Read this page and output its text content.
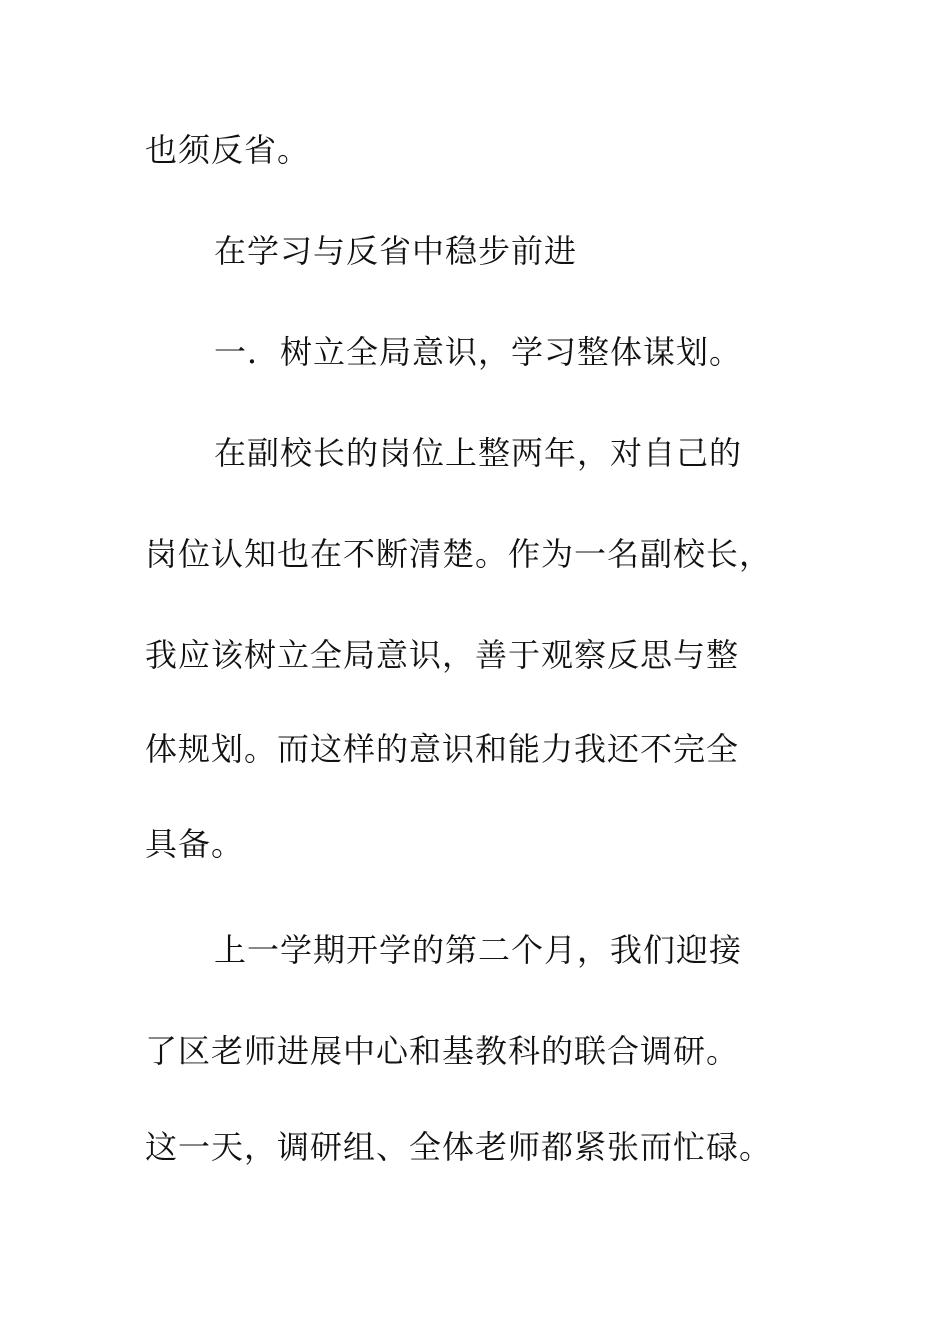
也须反省。
在学习与反省中稳步前进
一．树立全局意识，学习整体谋划。
在副校长的岗位上整两年，对自己的
岗位认知也在不断清楚。作为一名副校长，
我应该树立全局意识，善于观察反思与整
体规划。而这样的意识和能力我还不完全
具备。
上一学期开学的第二个月，我们迎接
了区老师进展中心和基教科的联合调研。
这一天，调研组、全体老师都紧张而忙碌。
